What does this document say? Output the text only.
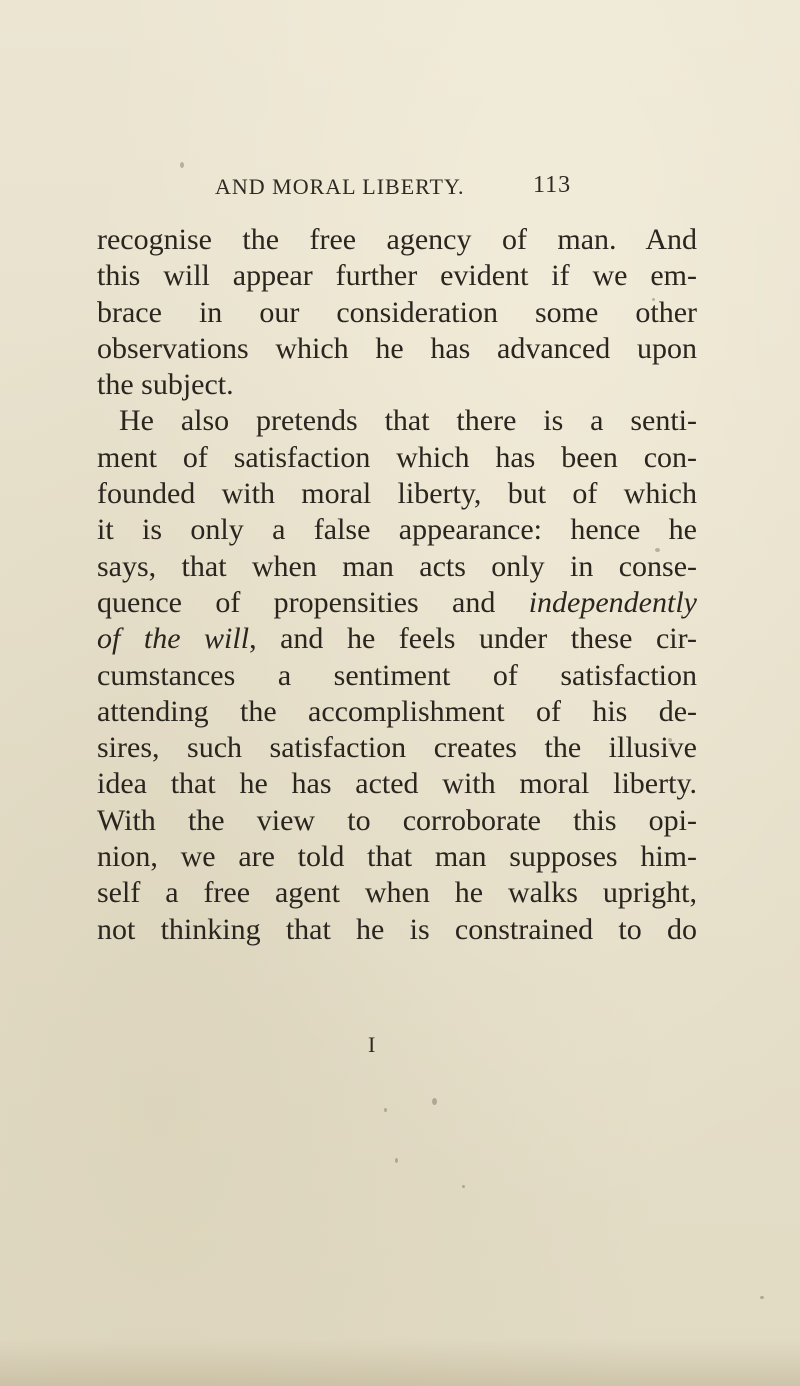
AND MORAL LIBERTY.	113
recognise the free agency of man. And
this will appear further evident if we em-
brace in our consideration some other
observations which he has advanced upon
the subject.
He also pretends that there is a senti-
ment of satisfaction which has been con-
founded with moral liberty, but of which
it is only a false appearance: hence he
says, that when man acts only in conse-
quence of propensities and independently
of the will, and he feels under these cir-
cumstances a sentiment of satisfaction
attending the accomplishment of his de-
sires, such satisfaction creates the illusive
idea that he has acted with moral liberty.
With the view to corroborate this opi-
nion, we are told that man supposes him-
self a free agent when he walks upright,
not thinking that he is constrained to do
I
